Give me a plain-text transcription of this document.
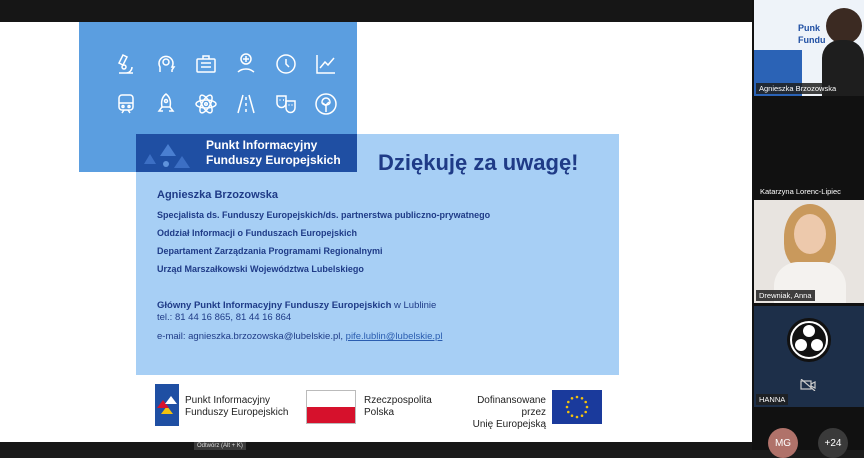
Punkt Informacyjny
Funduszy Europejskich	Dziękuję za uwagę!
Agnieszka Brzozowska
Specjalista ds. Funduszy Europejskich/ds. partnerstwa publiczno-prywatnego
Oddział Informacji o Funduszach Europejskich
Departament Zarządzania Programami Regionalnymi
Urząd Marszałkowski Województwa Lubelskiego
Główny Punkt Informacyjny Funduszy Europejskich w Lublinie
tel.: 81 44 16 865, 81 44 16 864
e-mail: agnieszka.brzozowska@lubelskie.pl, pife.lublin@lubelskie.pl
Punkt Informacyjny
Funduszy Europejskich
Rzeczpospolita
Polska
Dofinansowane przez
Unię Europejską
Odtwórz (Alt + K)
Punk
Fundu
Agnieszka Brzozowska
Katarzyna Lorenc-Lipiec
Drewniak, Anna
HANNA
MG	+24
